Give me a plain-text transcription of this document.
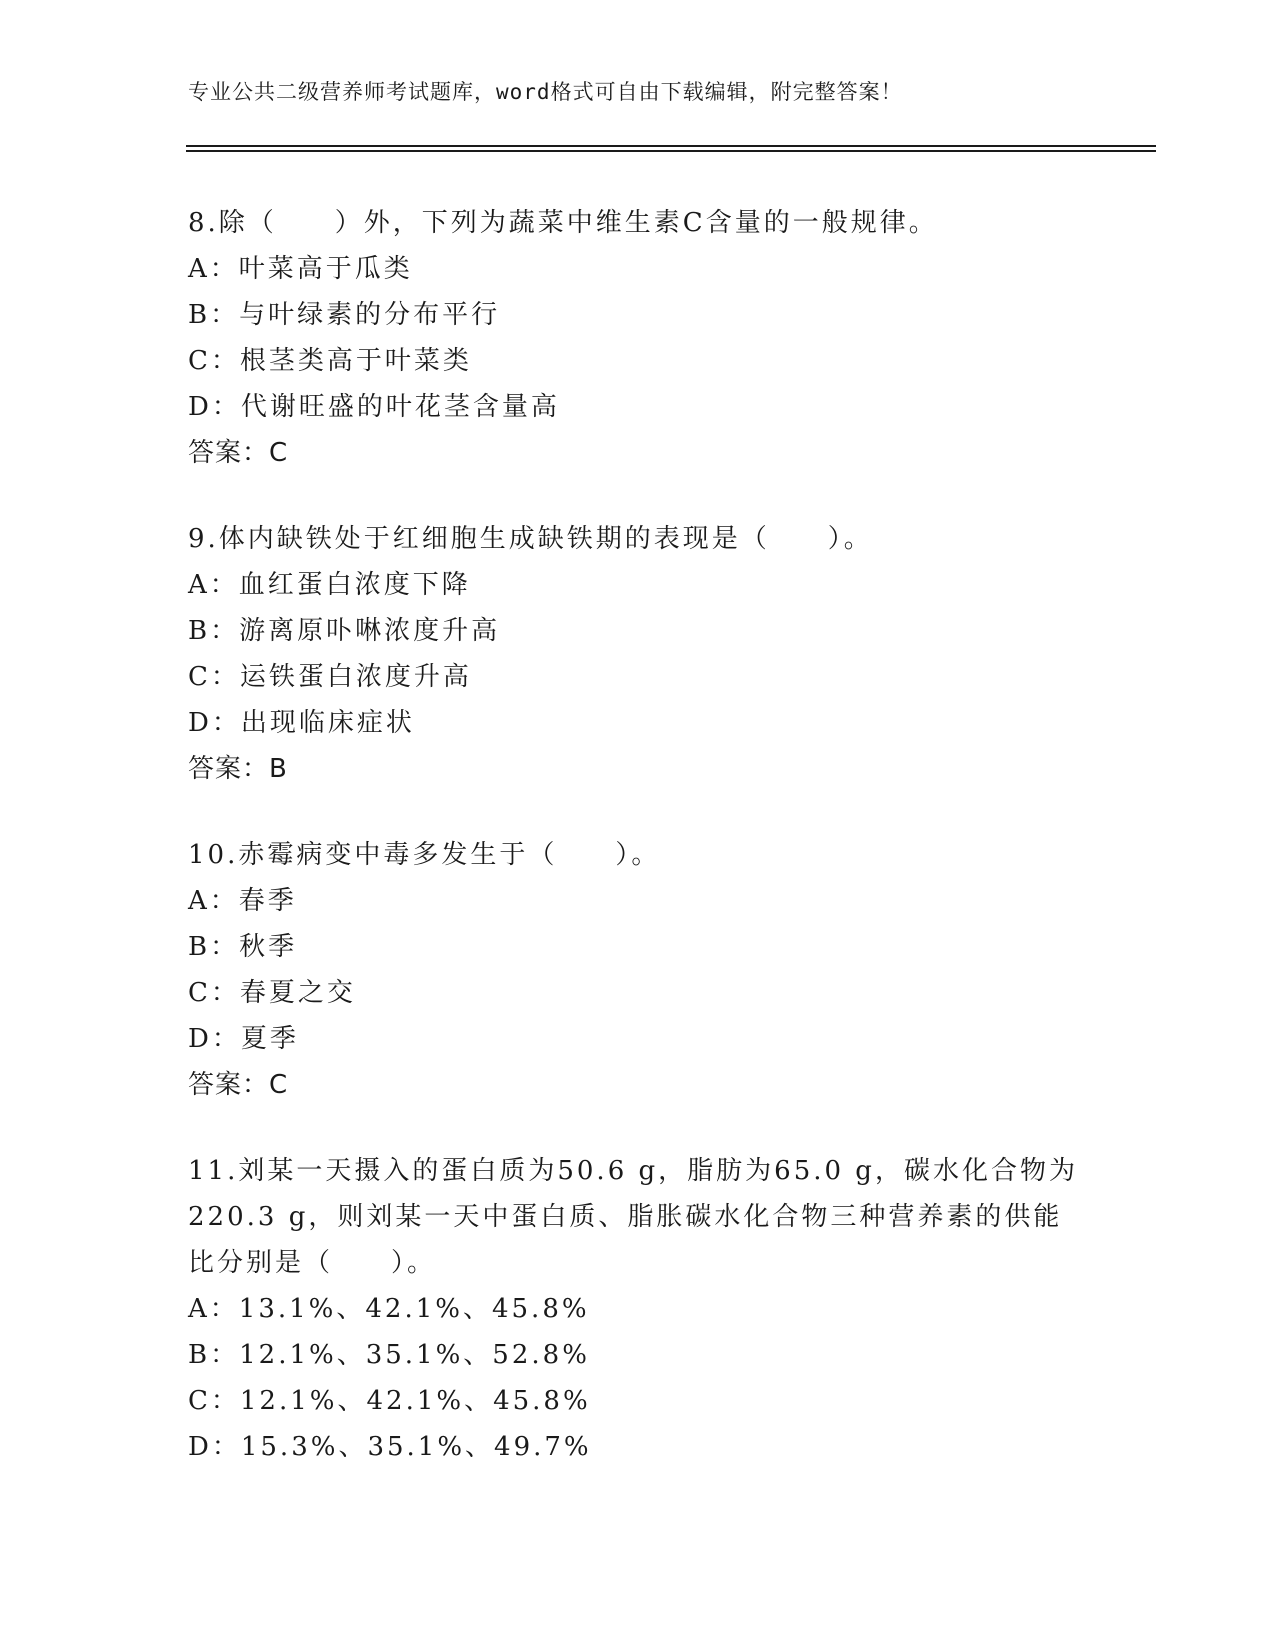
专业公共二级营养师考试题库，word格式可自由下载编辑，附完整答案！

8.除（　　）外，下列为蔬菜中维生素C含量的一般规律。

A：叶菜高于瓜类

B：与叶绿素的分布平行

C：根茎类高于叶菜类

D：代谢旺盛的叶花茎含量高

答案：C

9.体内缺铁处于红细胞生成缺铁期的表现是（　　）。

A：血红蛋白浓度下降

B：游离原卟啉浓度升高

C：运铁蛋白浓度升高

D：出现临床症状

答案：B

10.赤霉病变中毒多发生于（　　）。

A：春季

B：秋季

C：春夏之交

D：夏季

答案：C

11.刘某一天摄入的蛋白质为50.6 g，脂肪为65.0 g，碳水化合物为220.3 g，则刘某一天中蛋白质、脂胀碳水化合物三种营养素的供能比分别是（　　）。

A：13.1%、42.1%、45.8%

B：12.1%、35.1%、52.8%

C：12.1%、42.1%、45.8%

D：15.3%、35.1%、49.7%
